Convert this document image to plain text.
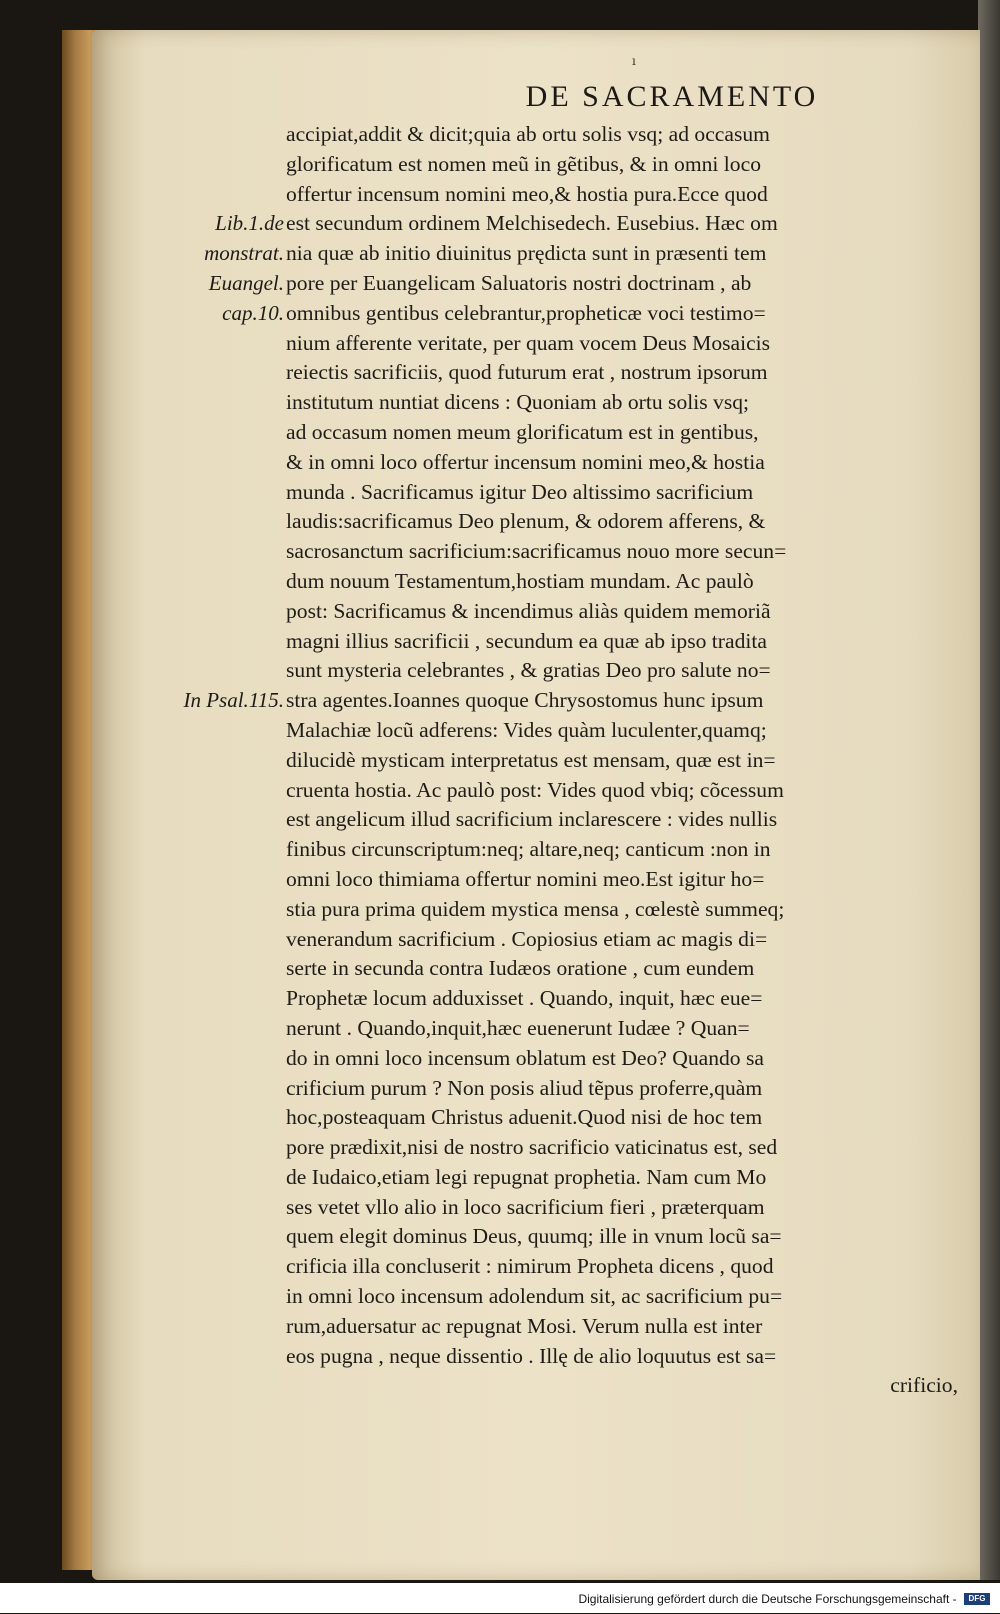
ı
DE SACRAMENTO
Lib.1.de
monstrat.
Euangel.
cap.10.
In Psal.115.
accipiat,addit & dicit;quia ab ortu solis vsq; ad occasum
glorificatum est nomen meũ in gẽtibus, & in omni loco
offertur incensum nomini meo,& hostia pura.Ecce quod
est secundum ordinem Melchisedech. Eusebius. Hæc om
nia quæ ab initio diuinitus prędicta sunt in præsenti tem
pore per Euangelicam Saluatoris nostri doctrinam , ab
omnibus gentibus celebrantur,propheticæ voci testimo=
nium afferente veritate, per quam vocem Deus Mosaicis
reiectis sacrificiis, quod futurum erat , nostrum ipsorum
institutum nuntiat dicens : Quoniam ab ortu solis vsq;
ad occasum nomen meum glorificatum est in gentibus,
& in omni loco offertur incensum nomini meo,& hostia
munda . Sacrificamus igitur Deo altissimo sacrificium
laudis:sacrificamus Deo plenum, & odorem afferens, &
sacrosanctum sacrificium:sacrificamus nouo more secun=
dum nouum Testamentum,hostiam mundam. Ac paulò
post: Sacrificamus & incendimus aliàs quidem memoriã
magni illius sacrificii , secundum ea quæ ab ipso tradita
sunt mysteria celebrantes , & gratias Deo pro salute no=
stra agentes.Ioannes quoque Chrysostomus hunc ipsum
Malachiæ locũ adferens: Vides quàm luculenter,quamq;
dilucidè mysticam interpretatus est mensam, quæ est in=
cruenta hostia. Ac paulò post: Vides quod vbiq; cõcessum
est angelicum illud sacrificium inclarescere : vides nullis
finibus circunscriptum:neq; altare,neq; canticum :non in
omni loco thimiama offertur nomini meo.Est igitur ho=
stia pura prima quidem mystica mensa , cœlestè summeq;
venerandum sacrificium . Copiosius etiam ac magis di=
serte in secunda contra Iudæos oratione , cum eundem
Prophetæ locum adduxisset . Quando, inquit, hæc eue=
nerunt . Quando,inquit,hæc euenerunt Iudæe ? Quan=
do in omni loco incensum oblatum est Deo? Quando sa
crificium purum ? Non posis aliud tẽpus proferre,quàm
hoc,posteaquam Christus aduenit.Quod nisi de hoc tem
pore prædixit,nisi de nostro sacrificio vaticinatus est, sed
de Iudaico,etiam legi repugnat prophetia. Nam cum Mo
ses vetet vllo alio in loco sacrificium fieri , præterquam
quem elegit dominus Deus, quumq; ille in vnum locũ sa=
crificia illa concluserit : nimirum Propheta dicens , quod
in omni loco incensum adolendum sit, ac sacrificium pu=
rum,aduersatur ac repugnat Mosi. Verum nulla est inter
eos pugna , neque dissentio . Illę de alio loquutus est sa=
crificio,
Digitalisierung gefördert durch die Deutsche Forschungsgemeinschaft - DFG
